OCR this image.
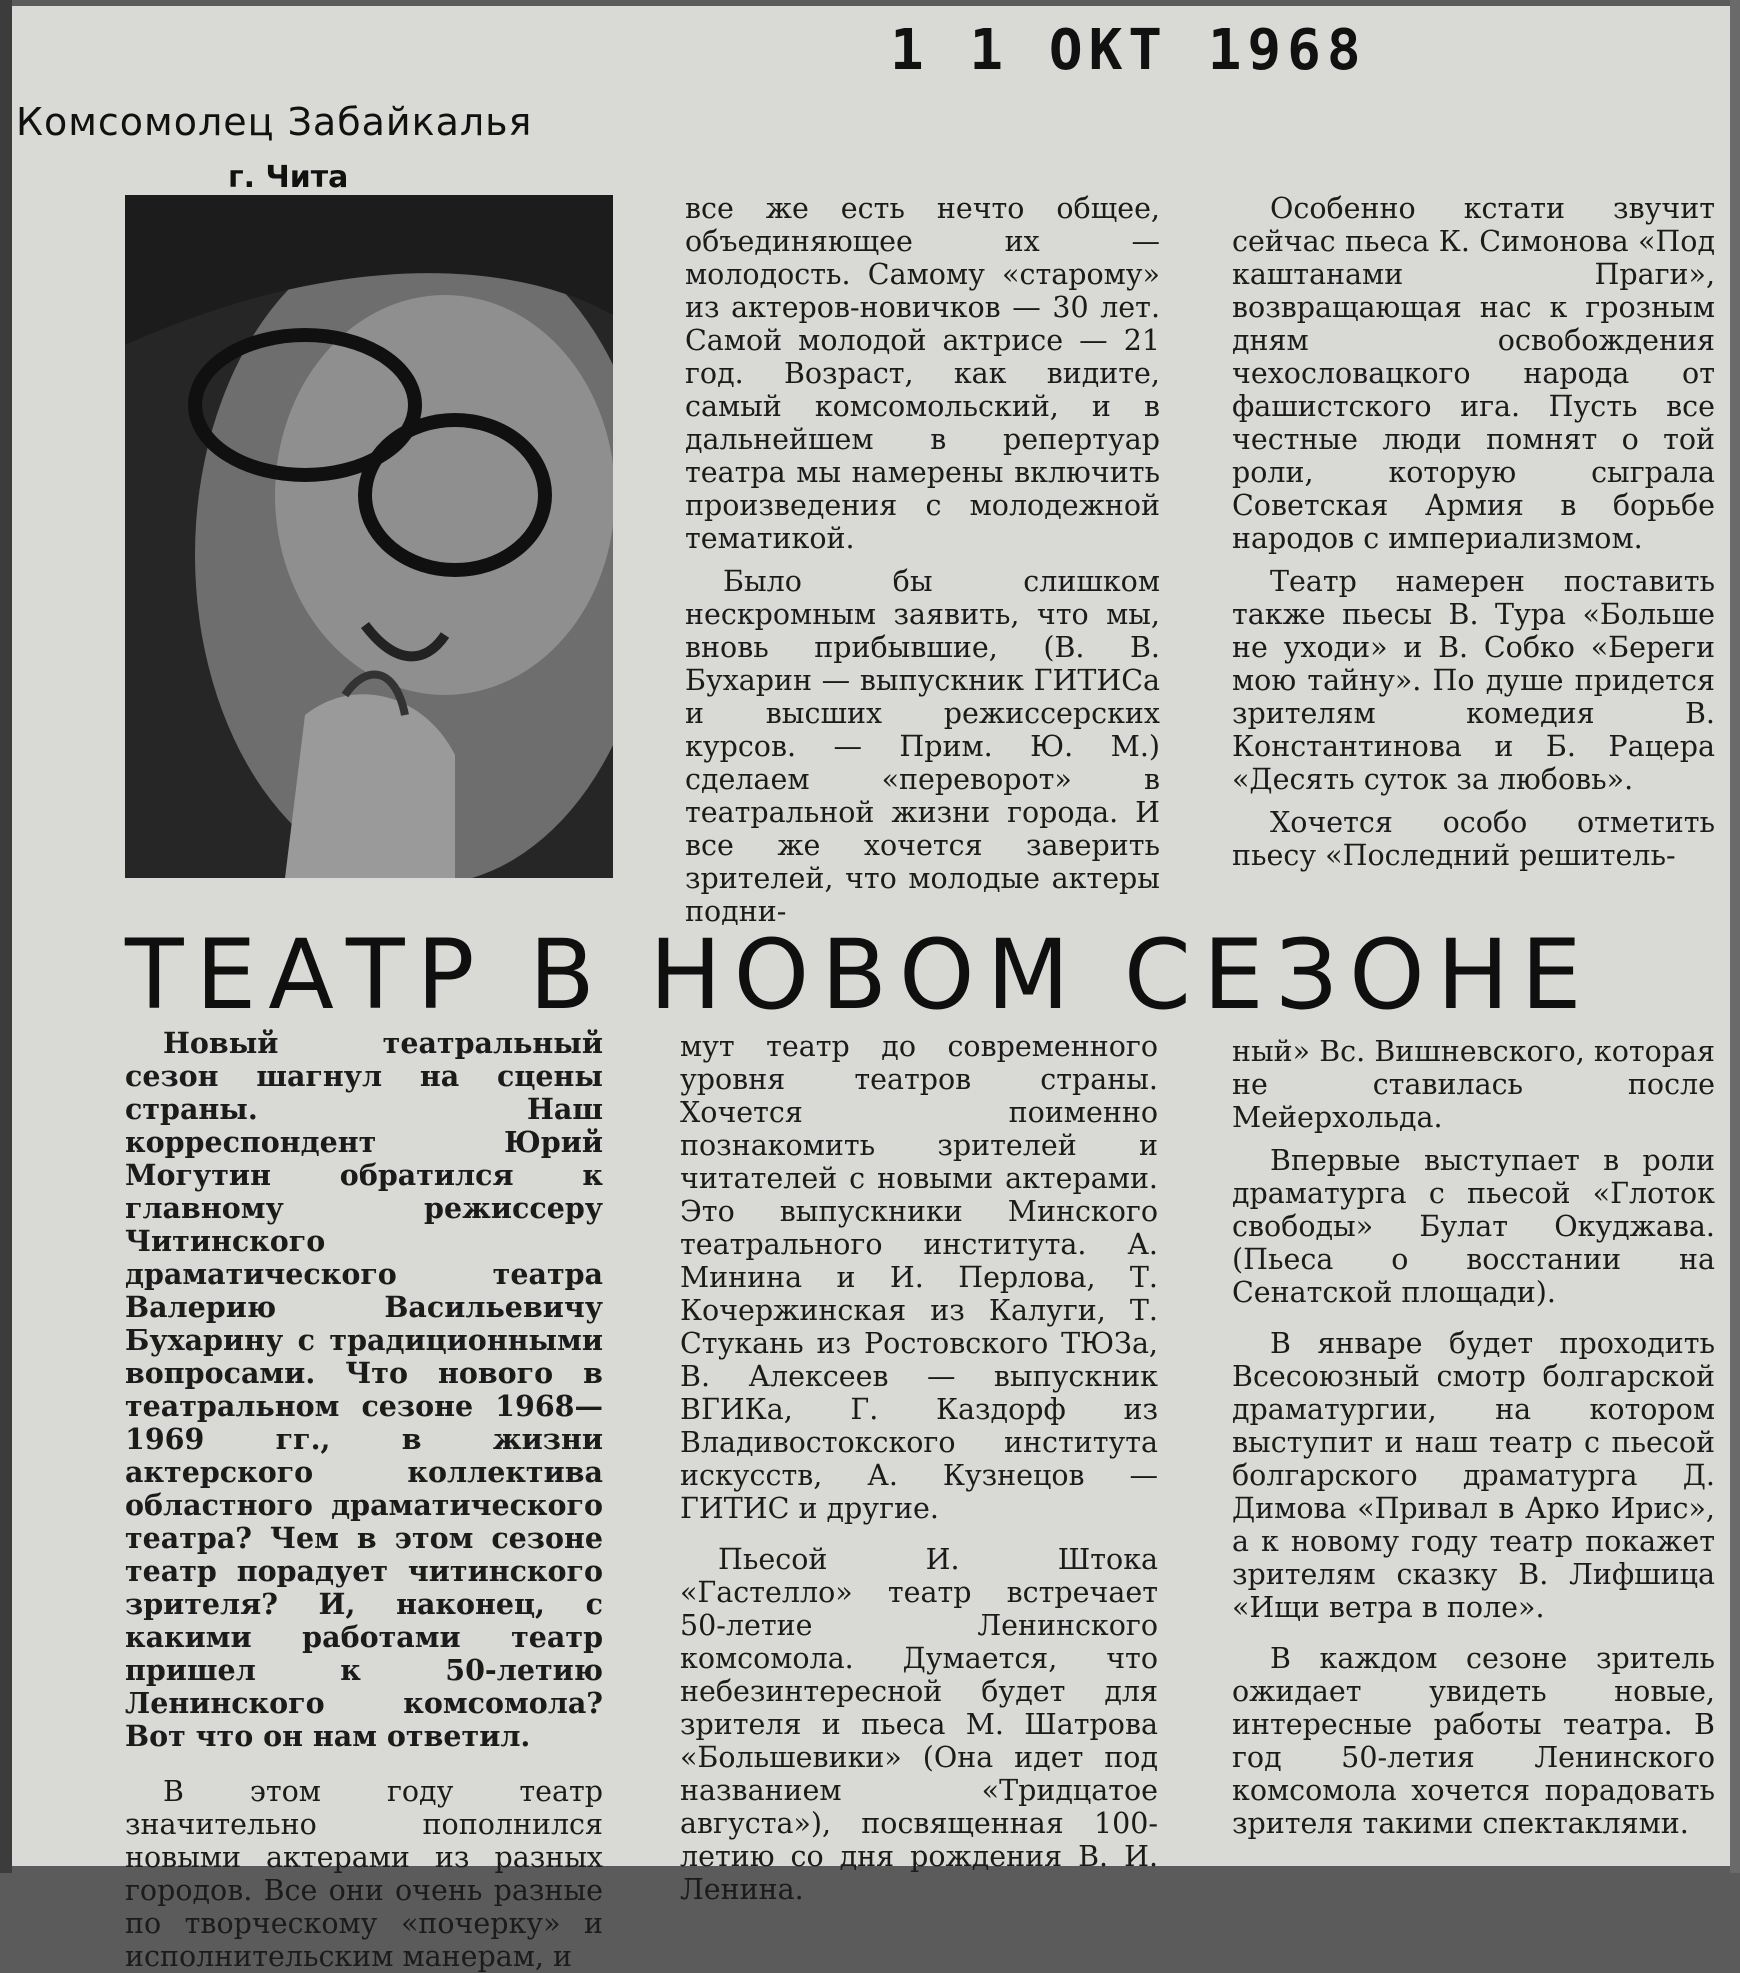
1 1 ОКТ 1968
Комсомолец Забайкалья
г. Чита

все же есть нечто общее, объединяющее их — молодость. Самому «старому» из актеров-новичков — 30 лет. Самой молодой актрисе — 21 год. Возраст, как видите, самый комсомольский, и в дальнейшем в репертуар театра мы намерены включить произведения с молодежной тематикой.

Было бы слишком нескромным заявить, что мы, вновь прибывшие, (В. В. Бухарин — выпускник ГИТИСа и высших режиссерских курсов. — Прим. Ю. М.) сделаем «переворот» в театральной жизни города. И все же хочется заверить зрителей, что молодые актеры подни-

Особенно кстати звучит сейчас пьеса К. Симонова «Под каштанами Праги», возвращающая нас к грозным дням освобождения чехословацкого народа от фашистского ига. Пусть все честные люди помнят о той роли, которую сыграла Советская Армия в борьбе народов с империализмом.

Театр намерен поставить также пьесы В. Тура «Больше не уходи» и В. Собко «Береги мою тайну». По душе придется зрителям комедия В. Константинова и Б. Рацера «Десять суток за любовь».

Хочется особо отметить пьесу «Последний решитель-

ТЕАТР В НОВОМ СЕЗОНЕ

Новый театральный сезон шагнул на сцены страны. Наш корреспондент Юрий Могутин обратился к главному режиссеру Читинского драматического театра Валерию Васильевичу Бухарину с традиционными вопросами. Что нового в театральном сезоне 1968—1969 гг., в жизни актерского коллектива областного драматического театра? Чем в этом сезоне театр порадует читинского зрителя? И, наконец, с какими работами театр пришел к 50-летию Ленинского комсомола? Вот что он нам ответил.

В этом году театр значительно пополнился новыми актерами из разных городов. Все они очень разные по творческому «почерку» и исполнительским манерам, и

мут театр до современного уровня театров страны. Хочется поименно познакомить зрителей и читателей с новыми актерами. Это выпускники Минского театрального института. А. Минина и И. Перлова, Т. Кочержинская из Калуги, Т. Стукань из Ростовского ТЮЗа, В. Алексеев — выпускник ВГИКа, Г. Каздорф из Владивостокского института искусств, А. Кузнецов — ГИТИС и другие.

Пьесой И. Штока «Гастелло» театр встречает 50-летие Ленинского комсомола. Думается, что небезинтересной будет для зрителя и пьеса М. Шатрова «Большевики» (Она идет под названием «Тридцатое августа»), посвященная 100-летию со дня рождения В. И. Ленина.

ный» Вс. Вишневского, которая не ставилась после Мейерхольда.

Впервые выступает в роли драматурга с пьесой «Глоток свободы» Булат Окуджава. (Пьеса о восстании на Сенатской площади).

В январе будет проходить Всесоюзный смотр болгарской драматургии, на котором выступит и наш театр с пьесой болгарского драматурга Д. Димова «Привал в Арко Ирис», а к новому году театр покажет зрителям сказку В. Лифшица «Ищи ветра в поле».

В каждом сезоне зритель ожидает увидеть новые, интересные работы театра. В год 50-летия Ленинского комсомола хочется порадовать зрителя такими спектаклями.
